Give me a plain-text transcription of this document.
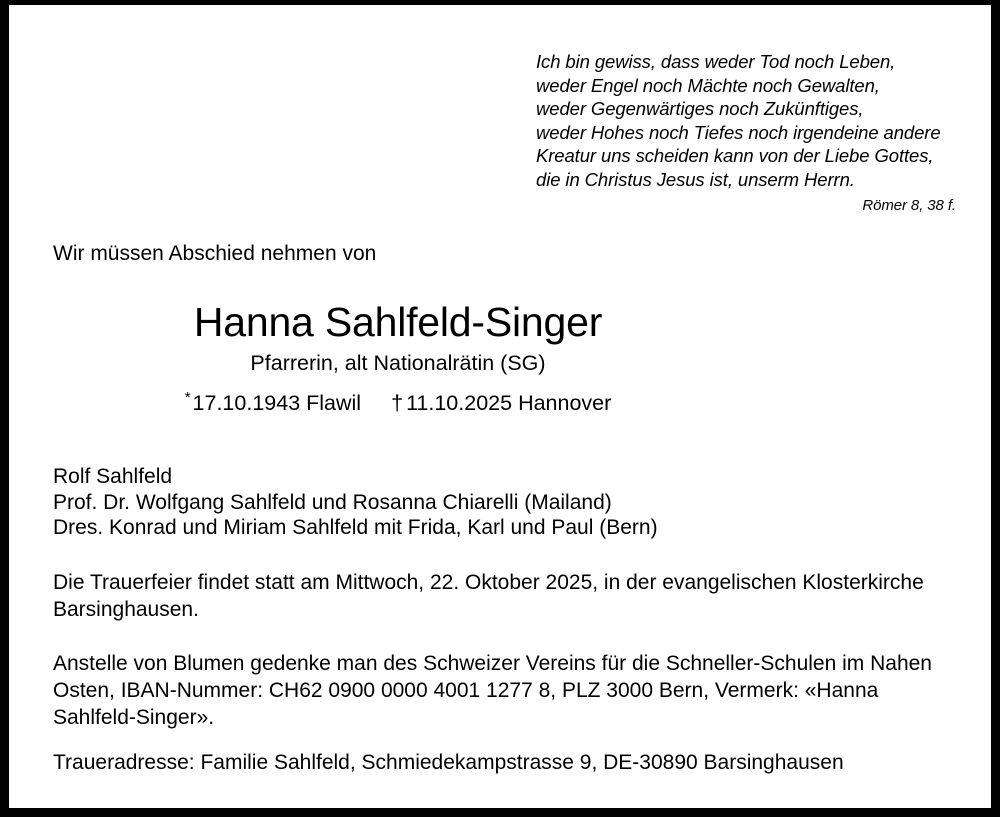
Ich bin gewiss, dass weder Tod noch Leben,
weder Engel noch Mächte noch Gewalten,
weder Gegenwärtiges noch Zukünftiges,
weder Hohes noch Tiefes noch irgendeine andere
Kreatur uns scheiden kann von der Liebe Gottes,
die in Christus Jesus ist, unserm Herrn.
Römer 8, 38 f.
Wir müssen Abschied nehmen von
Hanna Sahlfeld-Singer
Pfarrerin, alt Nationalrätin (SG)
*17.10.1943 Flawil † 11.10.2025 Hannover
Rolf Sahlfeld
Prof. Dr. Wolfgang Sahlfeld und Rosanna Chiarelli (Mailand)
Dres. Konrad und Miriam Sahlfeld mit Frida, Karl und Paul (Bern)
Die Trauerfeier findet statt am Mittwoch, 22. Oktober 2025, in der evangelischen Klosterkirche Barsinghausen.
Anstelle von Blumen gedenke man des Schweizer Vereins für die Schneller-Schulen im Nahen Osten, IBAN-Nummer: CH62 0900 0000 4001 1277 8, PLZ 3000 Bern, Vermerk: «Hanna Sahlfeld-Singer».
Traueradresse: Familie Sahlfeld, Schmiedekampstrasse 9, DE-30890 Barsinghausen
